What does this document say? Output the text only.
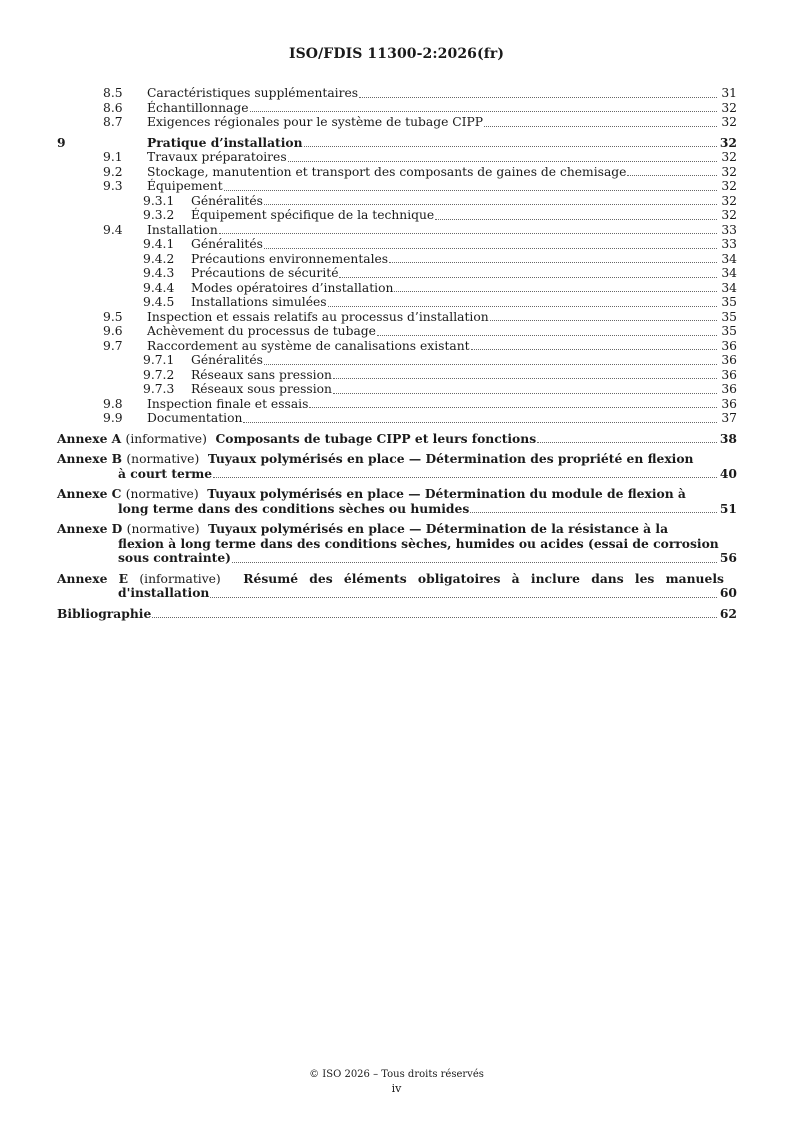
ISO/FDIS 11300-2:2026(fr)
8.5	Caractéristiques supplémentaires	31
8.6	Échantillonnage	32
8.7	Exigences régionales pour le système de tubage CIPP	32
9	Pratique d’installation	32
9.1	Travaux préparatoires	32
9.2	Stockage, manutention et transport des composants de gaines de chemisage	32
9.3	Équipement	32
9.3.1	Généralités	32
9.3.2	Équipement spécifique de la technique	32
9.4	Installation	33
9.4.1	Généralités	33
9.4.2	Précautions environnementales	34
9.4.3	Précautions de sécurité	34
9.4.4	Modes opératoires d’installation	34
9.4.5	Installations simulées	35
9.5	Inspection et essais relatifs au processus d’installation	35
9.6	Achèvement du processus de tubage	35
9.7	Raccordement au système de canalisations existant	36
9.7.1	Généralités	36
9.7.2	Réseaux sans pression	36
9.7.3	Réseaux sous pression	36
9.8	Inspection finale et essais	36
9.9	Documentation	37
Annexe A
(informative)
Composants de tubage CIPP et leurs fonctions	38
Annexe B (normative) Tuyaux polymérisés en place — Détermination des propriété en flexion
à court terme	40
Annexe C (normative) Tuyaux polymérisés en place — Détermination du module de flexion à
long terme dans des conditions sèches ou humides	51
Annexe D (normative) Tuyaux polymérisés en place — Détermination de la résistance à la
flexion à long terme dans des conditions sèches, humides ou acides (essai de corrosion
sous contrainte)	56
Annexe E (informative) Résumé des éléments obligatoires à inclure dans les manuels
d'installation	60
Bibliographie	62
© ISO 2026 – Tous droits réservés
iv
